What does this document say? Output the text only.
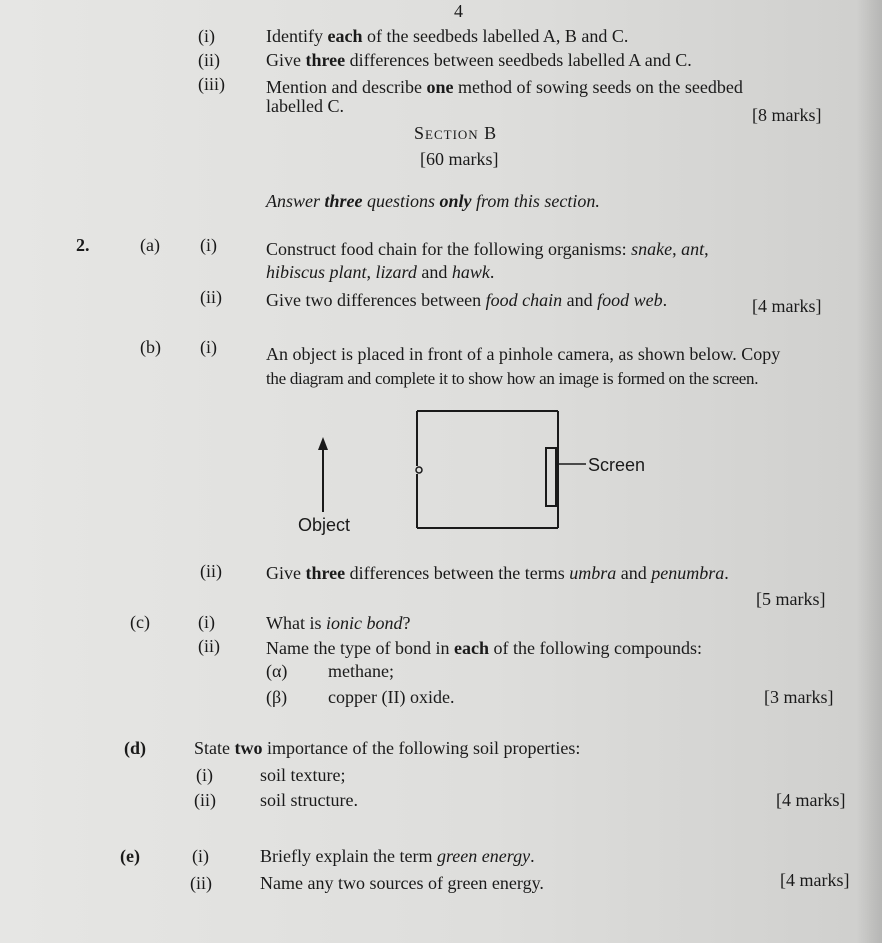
4
(i)	Identify each of the seedbeds labelled A, B and C.
(ii)	Give three differences between seedbeds labelled A and C.
(iii) Mention and describe one method of sowing seeds on the seedbed
labelled C.	[8 marks]
Section B
[60 marks]
Answer three questions only from this section.
2.	(a) (i)	Construct food chain for the following organisms: snake, ant,
hibiscus plant, lizard and hawk.
(ii) Give two differences between food chain and food web.	[4 marks]
(b) (i)	An object is placed in front of a pinhole camera, as shown below. Copy
the diagram and complete it to show how an image is formed on the screen.
Screen
Object
(ii) Give three differences between the terms umbra and penumbra.
[5 marks]
(c)	(i)	What is ionic bond?
(ii)	Name the type of bond in each of the following compounds:
(α) methane;
(β) copper (II) oxide.	[3 marks]
(d)	State two importance of the following soil properties:
(i)	soil texture;
(ii) soil structure.	[4 marks]
(e)	(i)	Briefly explain the term green energy.
(ii)	Name any two sources of green energy.	[4 marks]
